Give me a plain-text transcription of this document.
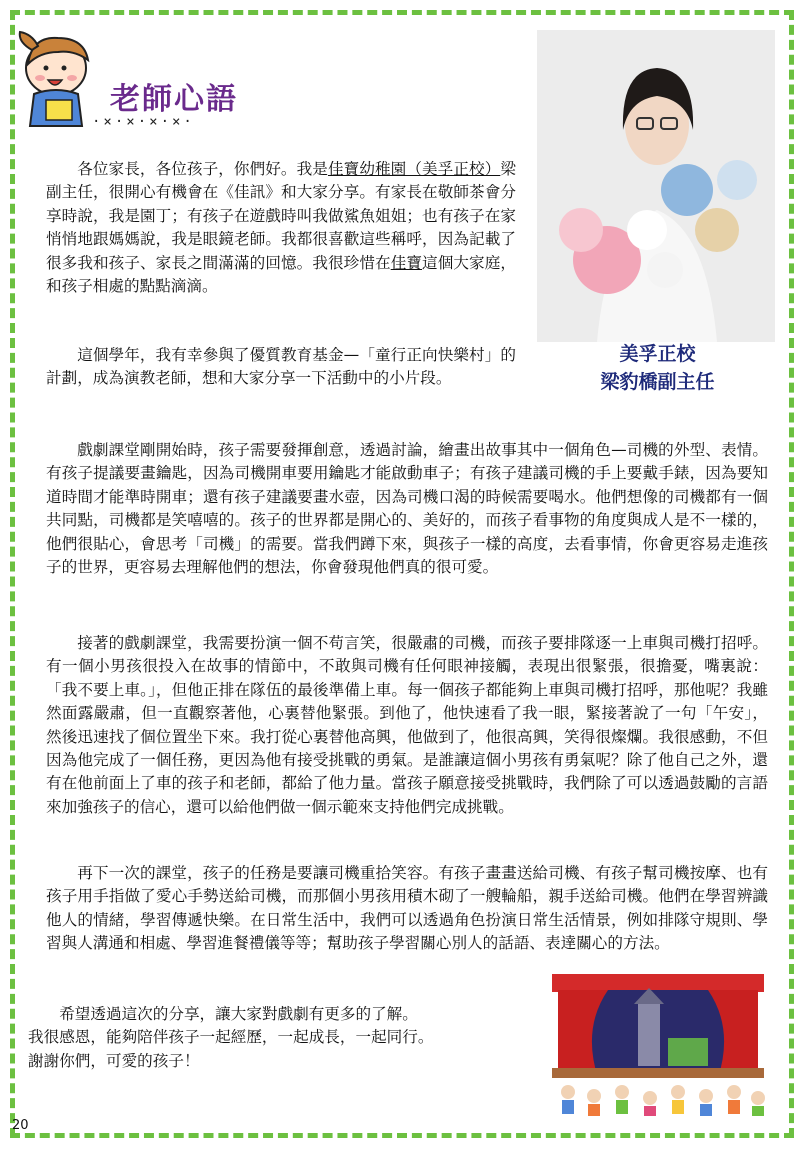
老師心語
·×·×·×·×·
美孚正校
梁豹橋副主任

各位家長，各位孩子，你們好。我是佳寶幼稚園（美孚正校）梁副主任，很開心有機會在《佳訊》和大家分享。有家長在敬師茶會分享時說，我是園丁；有孩子在遊戲時叫我做鯊魚姐姐；也有孩子在家悄悄地跟媽媽說，我是眼鏡老師。我都很喜歡這些稱呼，因為記載了很多我和孩子、家長之間滿滿的回憶。我很珍惜在佳寶這個大家庭，和孩子相處的點點滴滴。

這個學年，我有幸參與了優質教育基金—「童行正向快樂村」的計劃，成為演教老師，想和大家分享一下活動中的小片段。

戲劇課堂剛開始時，孩子需要發揮創意，透過討論，繪畫出故事其中一個角色—司機的外型、表情。有孩子提議要畫鑰匙，因為司機開車要用鑰匙才能啟動車子；有孩子建議司機的手上要戴手錶，因為要知道時間才能準時開車；還有孩子建議要畫水壺，因為司機口渴的時候需要喝水。他們想像的司機都有一個共同點，司機都是笑嘻嘻的。孩子的世界都是開心的、美好的，而孩子看事物的角度與成人是不一樣的，他們很貼心，會思考「司機」的需要。當我們蹲下來，與孩子一樣的高度，去看事情，你會更容易走進孩子的世界，更容易去理解他們的想法，你會發現他們真的很可愛。

接著的戲劇課堂，我需要扮演一個不苟言笑，很嚴肅的司機，而孩子要排隊逐一上車與司機打招呼。有一個小男孩很投入在故事的情節中，不敢與司機有任何眼神接觸，表現出很緊張，很擔憂，嘴裏說：「我不要上車。」，但他正排在隊伍的最後準備上車。每一個孩子都能夠上車與司機打招呼，那他呢？我雖然面露嚴肅，但一直觀察著他，心裏替他緊張。到他了，他快速看了我一眼，緊接著說了一句「午安」，然後迅速找了個位置坐下來。我打從心裏替他高興，他做到了，他很高興，笑得很燦爛。我很感動，不但因為他完成了一個任務，更因為他有接受挑戰的勇氣。是誰讓這個小男孩有勇氣呢？除了他自己之外，還有在他前面上了車的孩子和老師，都給了他力量。當孩子願意接受挑戰時，我們除了可以透過鼓勵的言語來加強孩子的信心，還可以給他們做一個示範來支持他們完成挑戰。

再下一次的課堂，孩子的任務是要讓司機重拾笑容。有孩子畫畫送給司機、有孩子幫司機按摩、也有孩子用手指做了愛心手勢送給司機，而那個小男孩用積木砌了一艘輪船，親手送給司機。他們在學習辨識他人的情緒，學習傳遞快樂。在日常生活中，我們可以透過角色扮演日常生活情景，例如排隊守規則、學習與人溝通和相處、學習進餐禮儀等等；幫助孩子學習關心別人的話語、表達關心的方法。

希望透過這次的分享，讓大家對戲劇有更多的了解。
我很感恩，能夠陪伴孩子一起經歷，一起成長，一起同行。
謝謝你們，可愛的孩子！
20
